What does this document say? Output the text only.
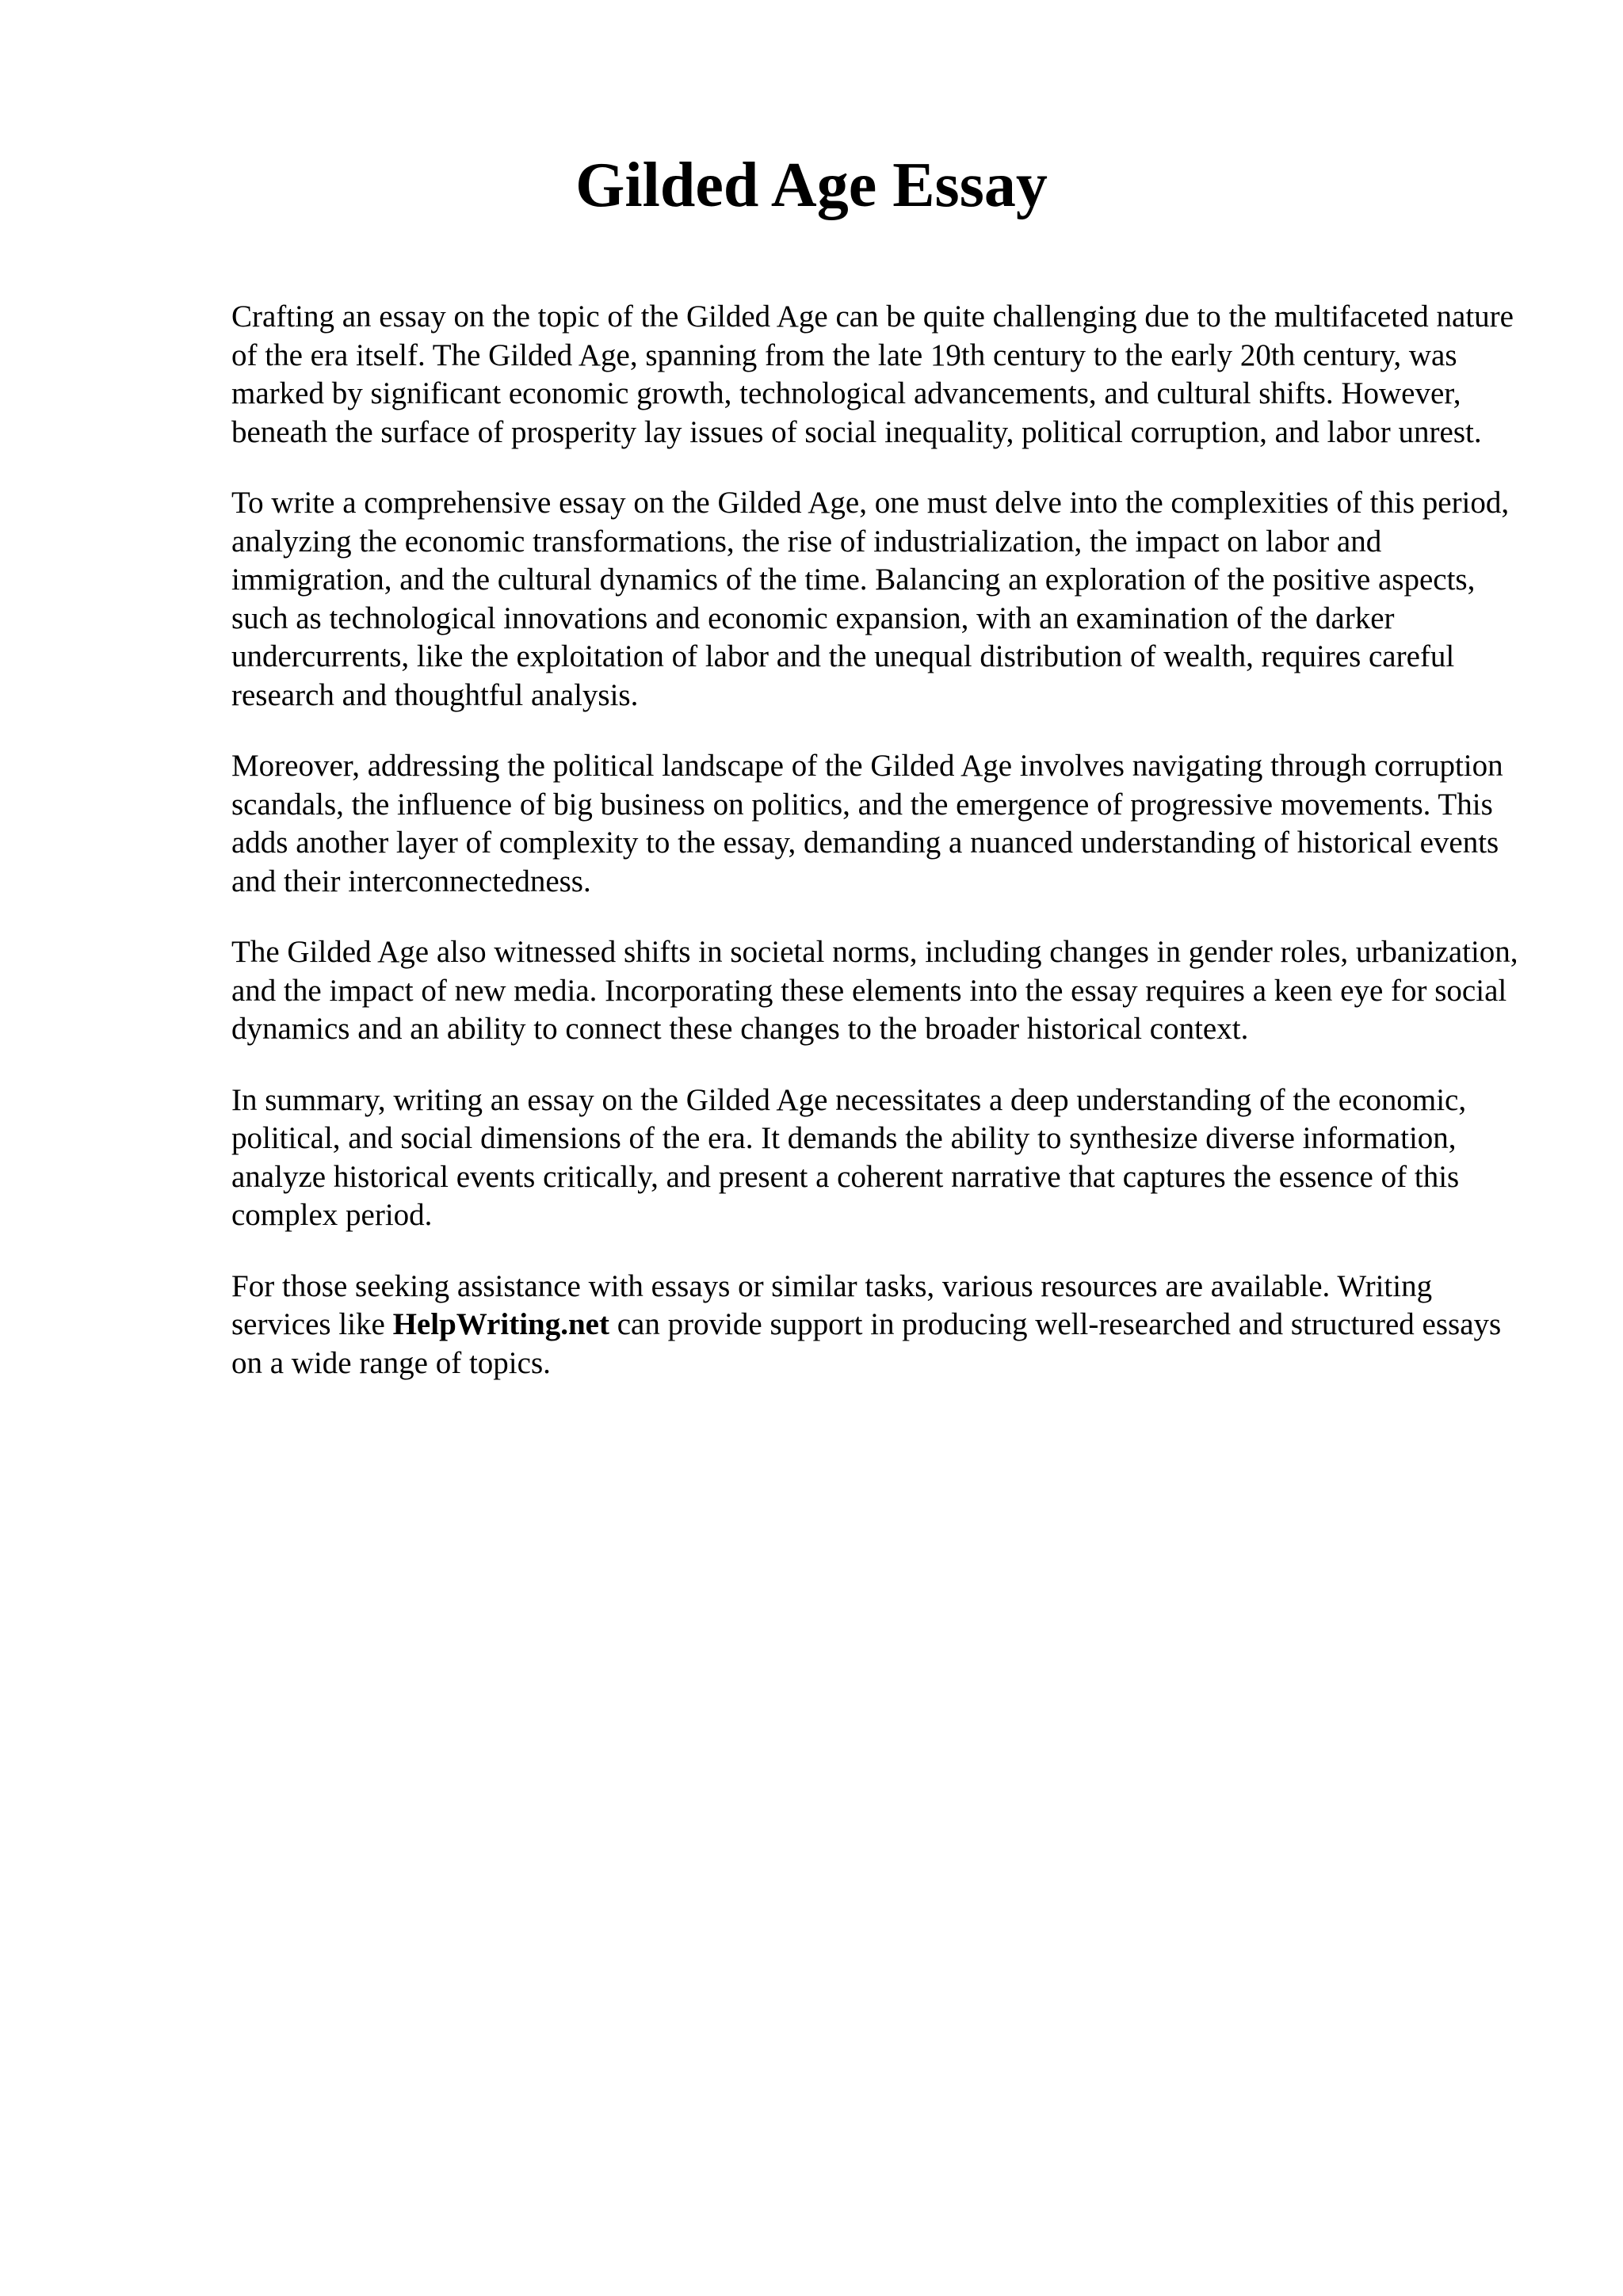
Gilded Age Essay

Crafting an essay on the topic of the Gilded Age can be quite challenging due to the multifaceted nature of the era itself. The Gilded Age, spanning from the late 19th century to the early 20th century, was marked by significant economic growth, technological advancements, and cultural shifts. However, beneath the surface of prosperity lay issues of social inequality, political corruption, and labor unrest.

To write a comprehensive essay on the Gilded Age, one must delve into the complexities of this period, analyzing the economic transformations, the rise of industrialization, the impact on labor and immigration, and the cultural dynamics of the time. Balancing an exploration of the positive aspects, such as technological innovations and economic expansion, with an examination of the darker undercurrents, like the exploitation of labor and the unequal distribution of wealth, requires careful research and thoughtful analysis.

Moreover, addressing the political landscape of the Gilded Age involves navigating through corruption scandals, the influence of big business on politics, and the emergence of progressive movements. This adds another layer of complexity to the essay, demanding a nuanced understanding of historical events and their interconnectedness.

The Gilded Age also witnessed shifts in societal norms, including changes in gender roles, urbanization, and the impact of new media. Incorporating these elements into the essay requires a keen eye for social dynamics and an ability to connect these changes to the broader historical context.

In summary, writing an essay on the Gilded Age necessitates a deep understanding of the economic, political, and social dimensions of the era. It demands the ability to synthesize diverse information, analyze historical events critically, and present a coherent narrative that captures the essence of this complex period.

For those seeking assistance with essays or similar tasks, various resources are available. Writing services like HelpWriting.net can provide support in producing well-researched and structured essays on a wide range of topics.
